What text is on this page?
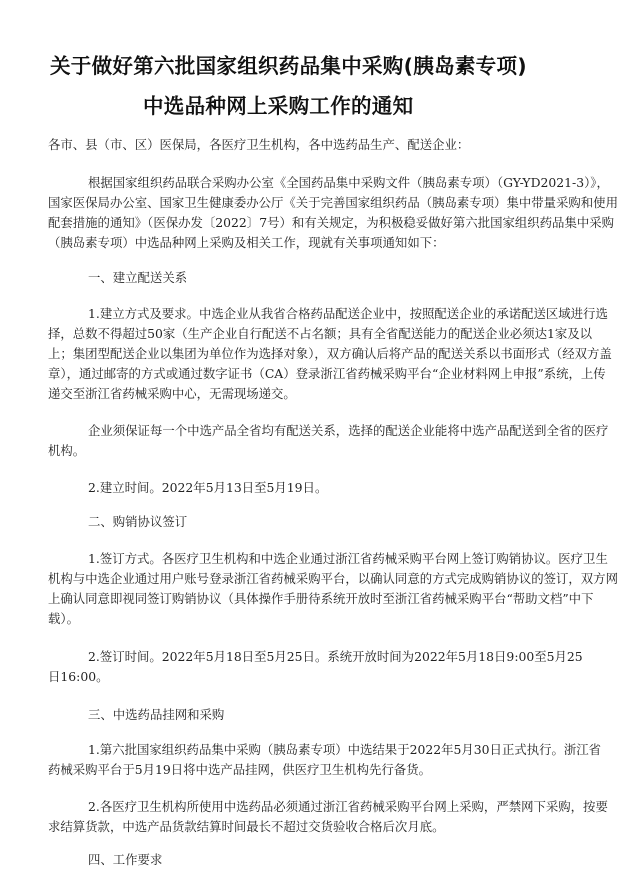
关于做好第六批国家组织药品集中采购(胰岛素专项)
中选品种网上采购工作的通知
各市、县（市、区）医保局，各医疗卫生机构，各中选药品生产、配送企业：
根据国家组织药品联合采购办公室《全国药品集中采购文件（胰岛素专项）（GY-YD2021-3）》，
国家医保局办公室、国家卫生健康委办公厅《关于完善国家组织药品（胰岛素专项）集中带量采购和使用
配套措施的通知》（医保办发〔2022〕7号）和有关规定，为积极稳妥做好第六批国家组织药品集中采购
（胰岛素专项）中选品种网上采购及相关工作，现就有关事项通知如下：
一、建立配送关系
1.建立方式及要求。中选企业从我省合格药品配送企业中，按照配送企业的承诺配送区域进行选
择，总数不得超过50家（生产企业自行配送不占名额；具有全省配送能力的配送企业必须达1家及以
上；集团型配送企业以集团为单位作为选择对象），双方确认后将产品的配送关系以书面形式（经双方盖
章），通过邮寄的方式或通过数字证书（CA）登录浙江省药械采购平台“企业材料网上申报”系统，上传
递交至浙江省药械采购中心，无需现场递交。
企业须保证每一个中选产品全省均有配送关系，选择的配送企业能将中选产品配送到全省的医疗
机构。
2.建立时间。2022年5月13日至5月19日。
二、购销协议签订
1.签订方式。各医疗卫生机构和中选企业通过浙江省药械采购平台网上签订购销协议。医疗卫生
机构与中选企业通过用户账号登录浙江省药械采购平台，以确认同意的方式完成购销协议的签订，双方网
上确认同意即视同签订购销协议（具体操作手册待系统开放时至浙江省药械采购平台“帮助文档”中下
载）。
2.签订时间。2022年5月18日至5月25日。系统开放时间为2022年5月18日9:00至5月25
日16:00。
三、中选药品挂网和采购
1.第六批国家组织药品集中采购（胰岛素专项）中选结果于2022年5月30日正式执行。浙江省
药械采购平台于5月19日将中选产品挂网，供医疗卫生机构先行备货。
2.各医疗卫生机构所使用中选药品必须通过浙江省药械采购平台网上采购，严禁网下采购，按要
求结算货款，中选产品货款结算时间最长不超过交货验收合格后次月底。
四、工作要求
